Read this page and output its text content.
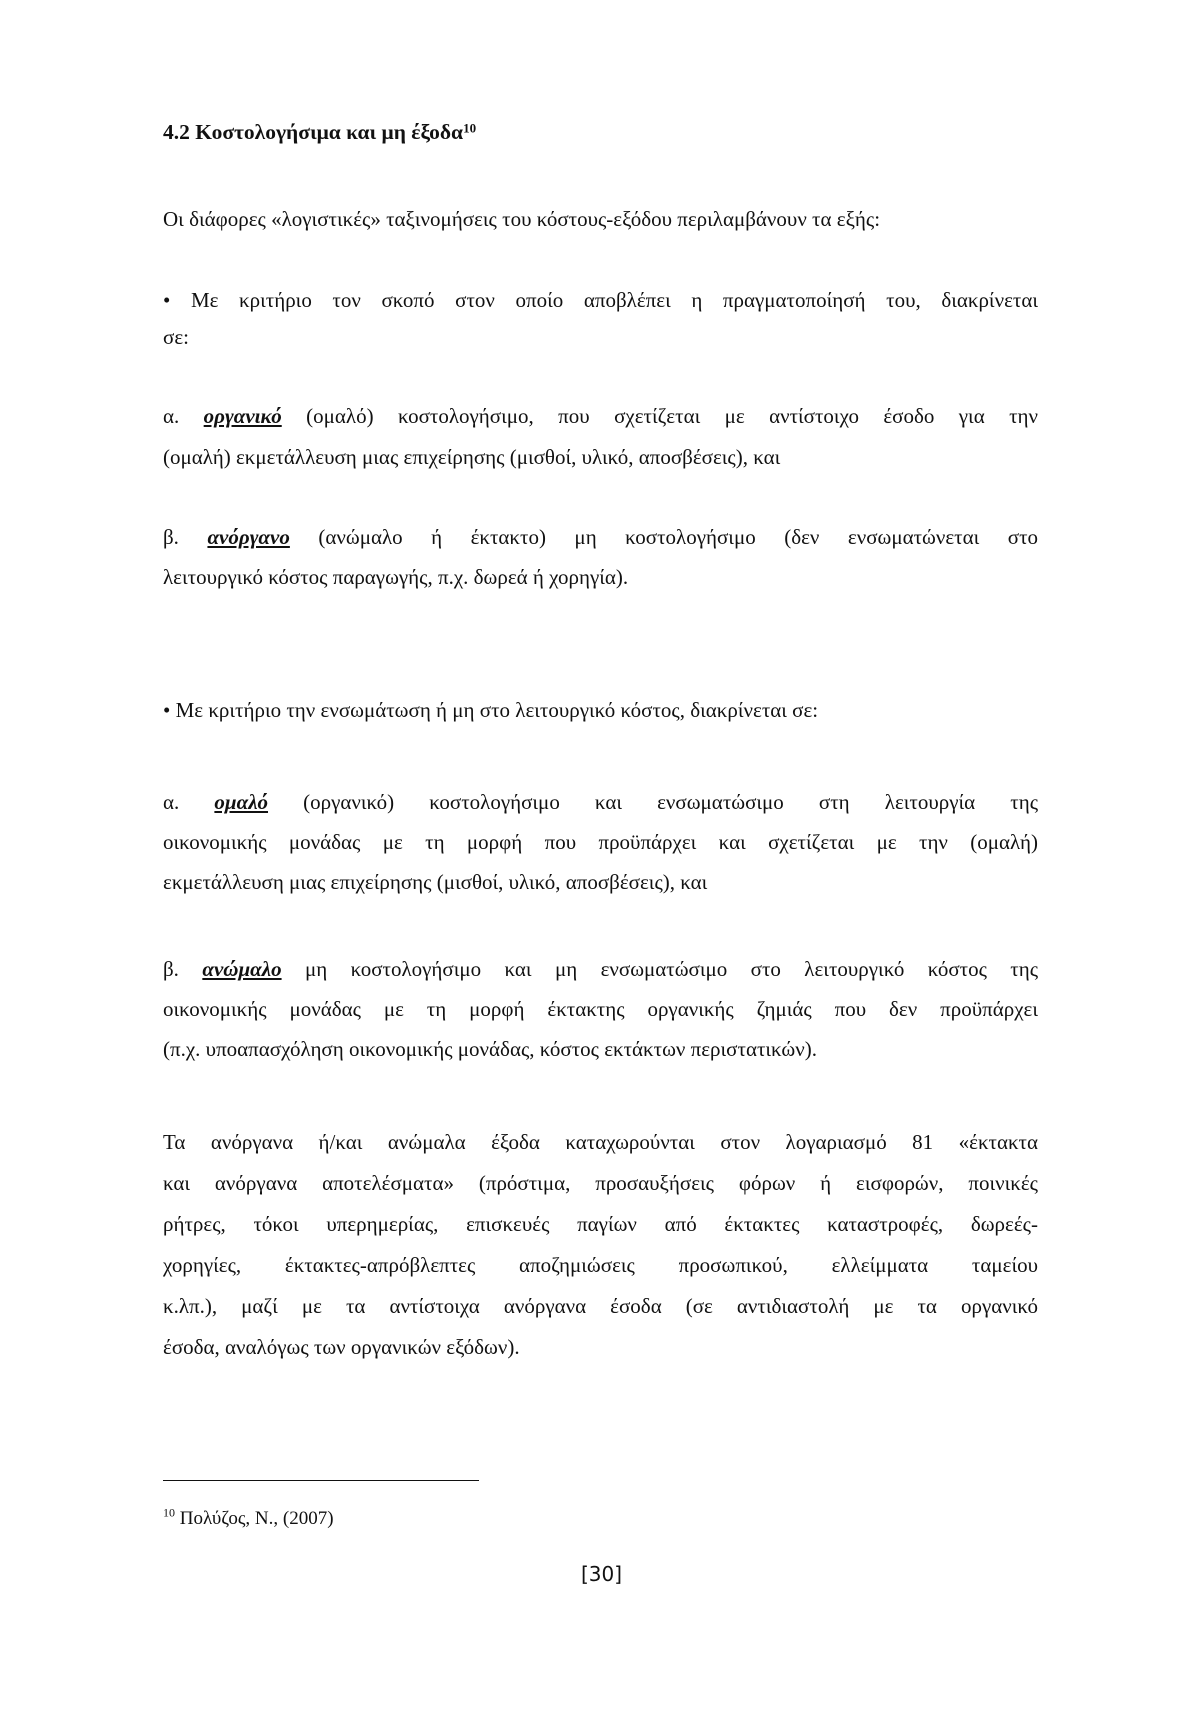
4.2 Κοστολογήσιμα και μη έξοδα$^{10}$
Οι διάφορες «λογιστικές» ταξινομήσεις του κόστους-εξόδου περιλαμβάνουν τα εξής:
• Με κριτήριο τον σκοπό στον οποίο αποβλέπει η πραγματοποίησή του, διακρίνεται
σε:
α. οργανικό (ομαλό) κοστολογήσιμο, που σχετίζεται με αντίστοιχο έσοδο για την
(ομαλή) εκμετάλλευση μιας επιχείρησης (μισθοί, υλικό, αποσβέσεις), και
β. ανόργανο (ανώμαλο ή έκτακτο) μη κοστολογήσιμο (δεν ενσωματώνεται στο
λειτουργικό κόστος παραγωγής, π.χ. δωρεά ή χορηγία).
• Με κριτήριο την ενσωμάτωση ή μη στο λειτουργικό κόστος, διακρίνεται σε:
α. ομαλό (οργανικό) κοστολογήσιμο και ενσωματώσιμο στη λειτουργία της
οικονομικής μονάδας με τη μορφή που προϋπάρχει και σχετίζεται με την (ομαλή)
εκμετάλλευση μιας επιχείρησης (μισθοί, υλικό, αποσβέσεις), και
β. ανώμαλο μη κοστολογήσιμο και μη ενσωματώσιμο στο λειτουργικό κόστος της
οικονομικής μονάδας με τη μορφή έκτακτης οργανικής ζημιάς που δεν προϋπάρχει
(π.χ. υποαπασχόληση οικονομικής μονάδας, κόστος εκτάκτων περιστατικών).
Τα ανόργανα ή/και ανώμαλα έξοδα καταχωρούνται στον λογαριασμό 81 «έκτακτα
και ανόργανα αποτελέσματα» (πρόστιμα, προσαυξήσεις φόρων ή εισφορών, ποινικές
ρήτρες, τόκοι υπερημερίας, επισκευές παγίων από έκτακτες καταστροφές, δωρεές-
χορηγίες, έκτακτες-απρόβλεπτες αποζημιώσεις προσωπικού, ελλείμματα ταμείου
κ.λπ.), μαζί με τα αντίστοιχα ανόργανα έσοδα (σε αντιδιαστολή με τα οργανικό
έσοδα, αναλόγως των οργανικών εξόδων).
$^{10}$ Πολύζος, Ν., (2007)
[30]
